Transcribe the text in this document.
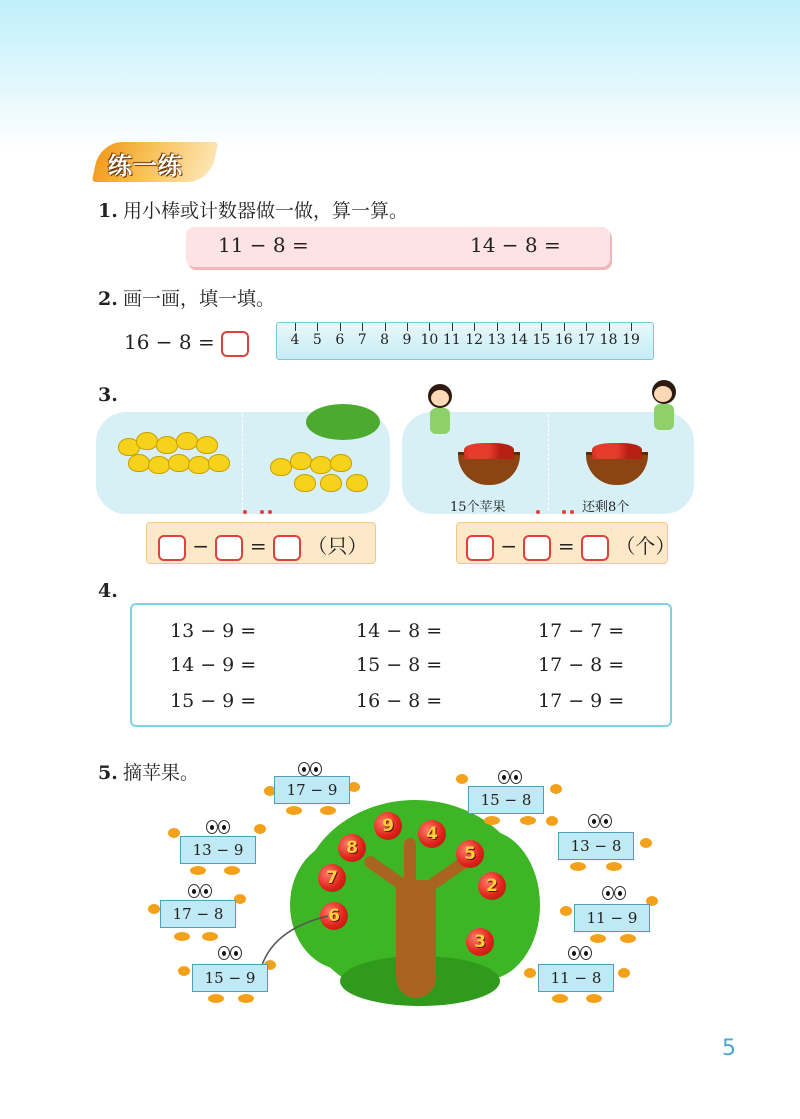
练一练
1. 用小棒或计数器做一做，算一算。
11 − 8 =	14 − 8 =
2. 画一画，填一填。
16 − 8 =	4 5 6 7 8 9 10 11 12 13 14 15 16 17 18 19
3.
− = （只）
15个苹果	还剩8个
− = （个）
4.
13 − 9 =	14 − 8 =	17 − 7 =
14 − 9 =	15 − 8 =	17 − 8 =
15 − 9 =	16 − 8 =	17 − 9 =
5. 摘苹果。
9
8
4
5
7	2
6
3
17 − 9
15 − 8
13 − 9	13 − 8
17 − 8	11 − 9
15 − 9	11 − 8
5
